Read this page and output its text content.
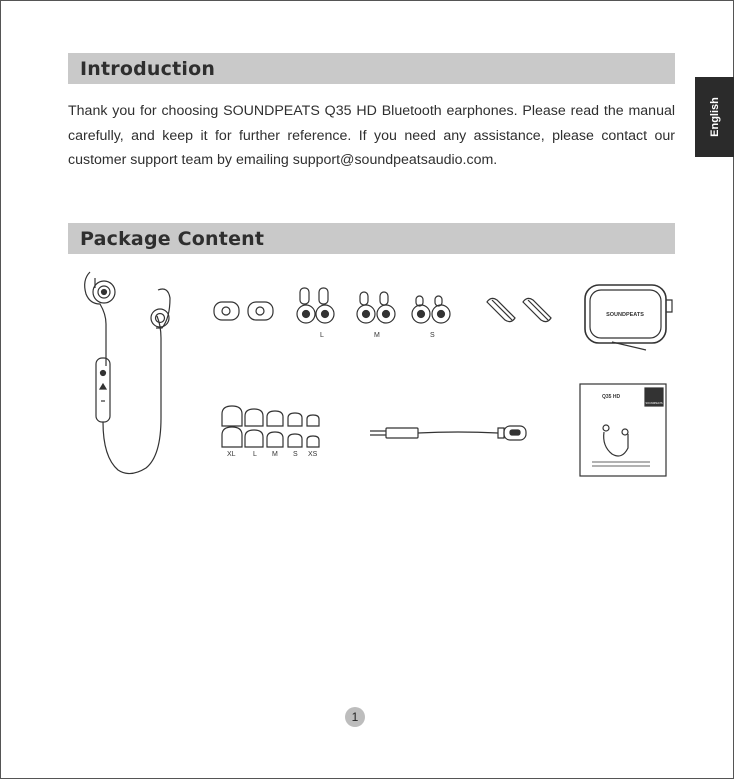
Introduction
Thank you for choosing SOUNDPEATS Q35 HD Bluetooth earphones. Please read the manual carefully, and keep it for further reference. If you need any assistance, please contact our customer support team by emailing support@soundpeatsaudio.com.
English
Package Content
L	M	S
XL L M S XS
SOUNDPEATS
Q35 HD
SOUNDPEATS
1
